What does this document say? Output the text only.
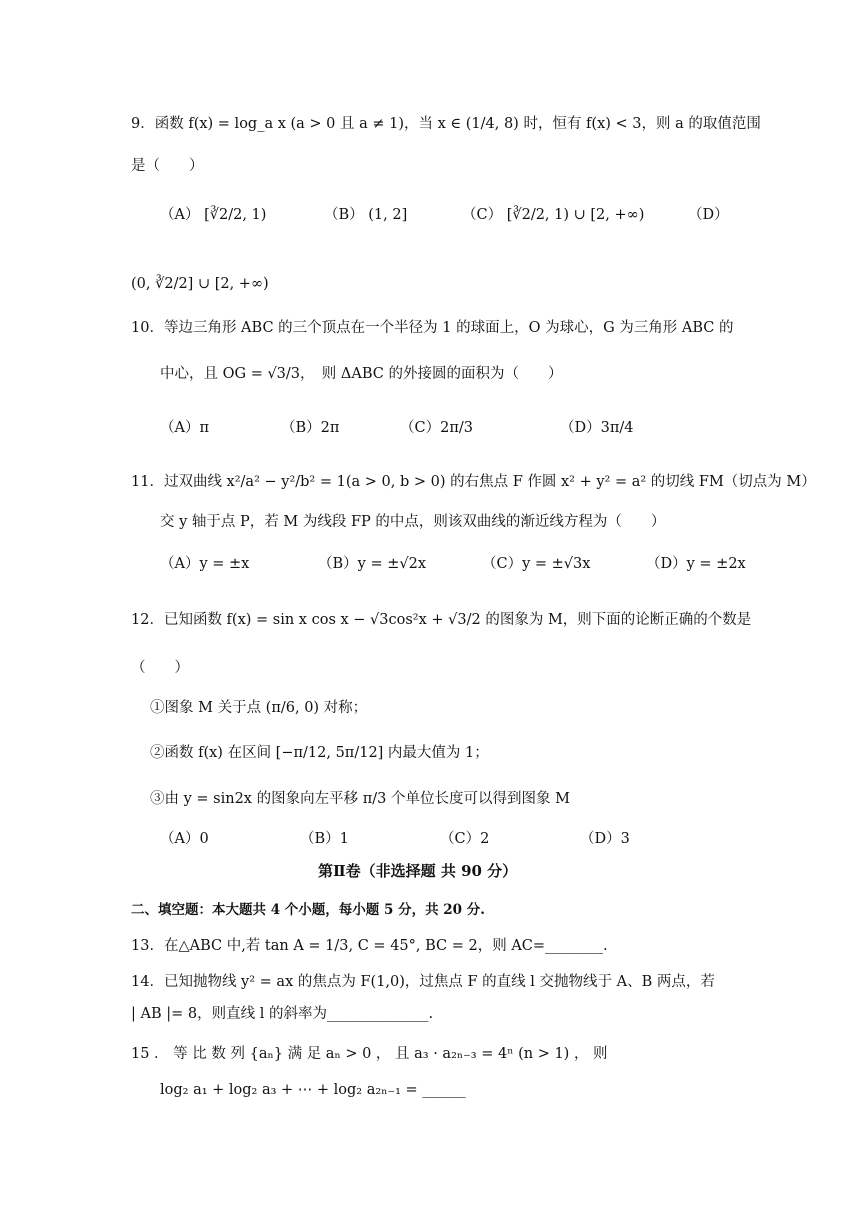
9．函数 f(x) = log_a x (a > 0 且 a ≠ 1)，当 x ∈ (1/4, 8) 时，恒有 f(x) < 3，则 a 的取值范围
是（　　）
（A） [∛2/2, 1)	（B） (1, 2]	（C） [∛2/2, 1) ∪ [2, +∞)	（D）
(0, ∛2/2] ∪ [2, +∞)
10．等边三角形 ABC 的三个顶点在一个半径为 1 的球面上，O 为球心，G 为三角形 ABC 的
中心，且 OG = √3/3，　则 ΔABC 的外接圆的面积为（　　）
（A）π	（B）2π	（C）2π/3	（D）3π/4
11．过双曲线 x²/a² − y²/b² = 1(a > 0, b > 0) 的右焦点 F 作圆 x² + y² = a² 的切线 FM（切点为 M）
交 y 轴于点 P，若 M 为线段 FP 的中点，则该双曲线的渐近线方程为（　　）
（A）y = ±x	（B）y = ±√2x	（C）y = ±√3x	（D）y = ±2x
12．已知函数 f(x) = sin x cos x − √3cos²x + √3/2 的图象为 M，则下面的论断正确的个数是
（　　）
①图象 M 关于点 (π/6, 0) 对称；
②函数 f(x) 在区间 [−π/12, 5π/12] 内最大值为 1；
③由 y = sin2x 的图象向左平移 π/3 个单位长度可以得到图象 M
（A）0	（B）1	（C）2	（D）3
第Ⅱ卷（非选择题 共 90 分）
二、填空题：本大题共 4 个小题，每小题 5 分，共 20 分.
13．在△ABC 中,若 tan A = 1/3, C = 45°, BC = 2，则 AC=________.
14．已知抛物线 y² = ax 的焦点为 F(1,0)，过焦点 F 的直线 l 交抛物线于 A、B 两点，若
| AB |= 8，则直线 l 的斜率为______________.
15 ． 等 比 数 列 {aₙ} 满 足 aₙ > 0 ， 且 a₃ · a₂ₙ₋₃ = 4ⁿ (n > 1) ， 则
log₂ a₁ + log₂ a₃ + ⋯ + log₂ a₂ₙ₋₁ = ______
